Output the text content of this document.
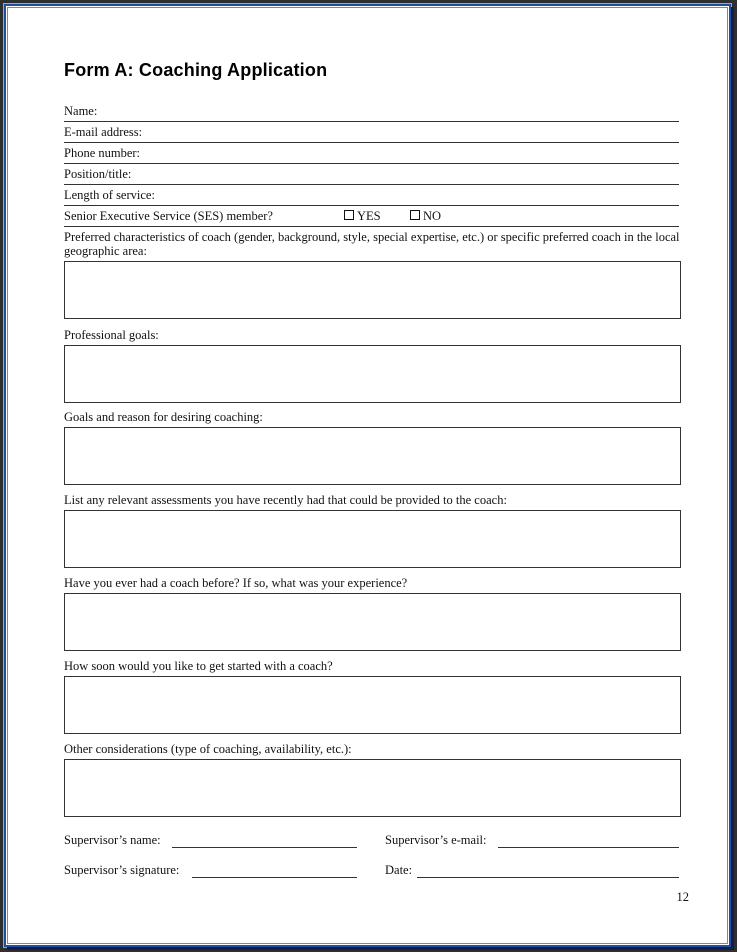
Form A: Coaching Application
Name:
E-mail address:
Phone number:
Position/title:
Length of service:
Senior Executive Service (SES) member?	YES	NO
Preferred characteristics of coach (gender, background, style, special expertise, etc.) or specific preferred coach in the local geographic area:
Professional goals:
Goals and reason for desiring coaching:
List any relevant assessments you have recently had that could be provided to the coach:
Have you ever had a coach before? If so, what was your experience?
How soon would you like to get started with a coach?
Other considerations (type of coaching, availability, etc.):
Supervisor’s name:	Supervisor’s e-mail:
Supervisor’s signature:	Date:
12
